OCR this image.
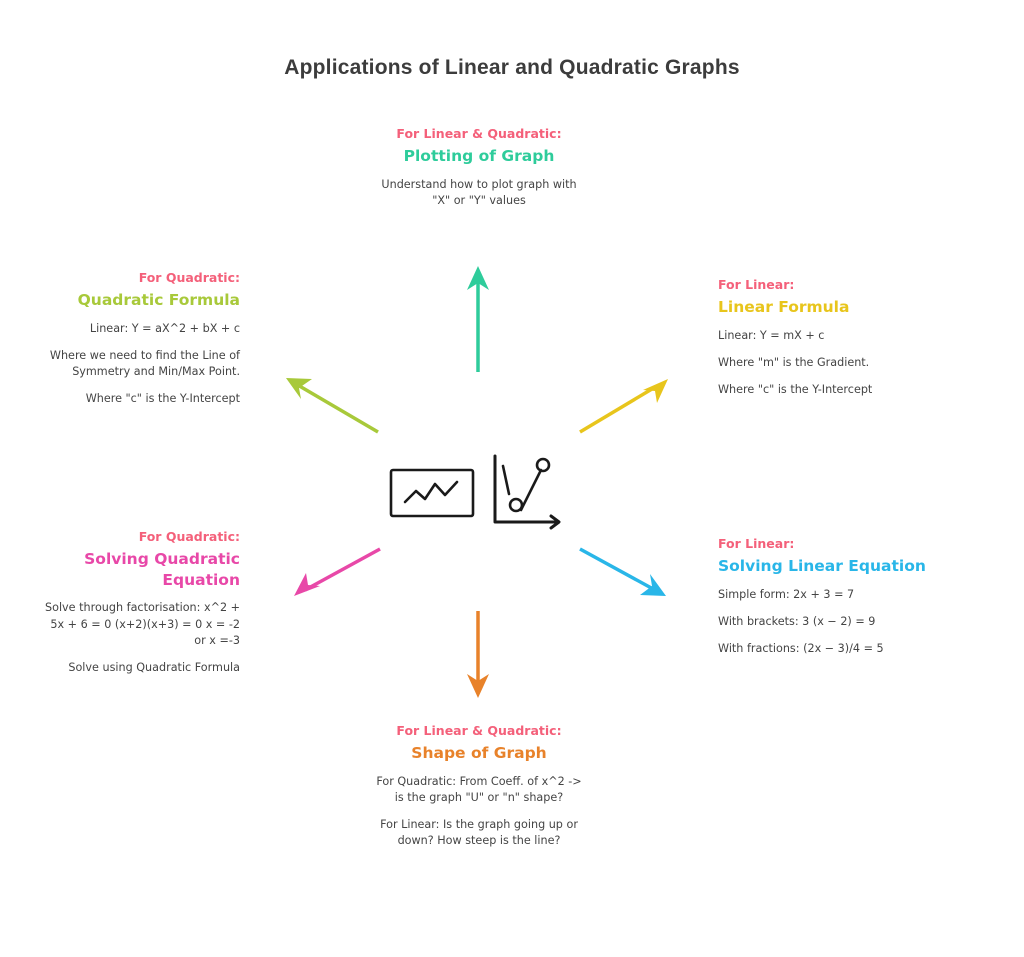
Applications of Linear and Quadratic Graphs
For Linear & Quadratic:
Plotting of Graph

Understand how to plot graph with "X" or "Y" values

For Quadratic:
Quadratic Formula

Linear: Y = aX^2 + bX + c

Where we need to find the Line of Symmetry and Min/Max Point.

Where "c" is the Y-Intercept

For Linear:
Linear Formula

Linear: Y = mX + c

Where "m" is the Gradient.

Where "c" is the Y-Intercept

For Quadratic:
Solving Quadratic Equation

Solve through factorisation: x^2 + 5x + 6 = 0 (x+2)(x+3) = 0 x = -2 or x =-3

Solve using Quadratic Formula

For Linear:
Solving Linear Equation

Simple form: 2x + 3 = 7

With brackets: 3 (x − 2) = 9

With fractions: (2x − 3)/4 = 5

For Linear & Quadratic:
Shape of Graph

For Quadratic: From Coeff. of x^2 -> is the graph "U" or "n" shape?

For Linear: Is the graph going up or down? How steep is the line?
